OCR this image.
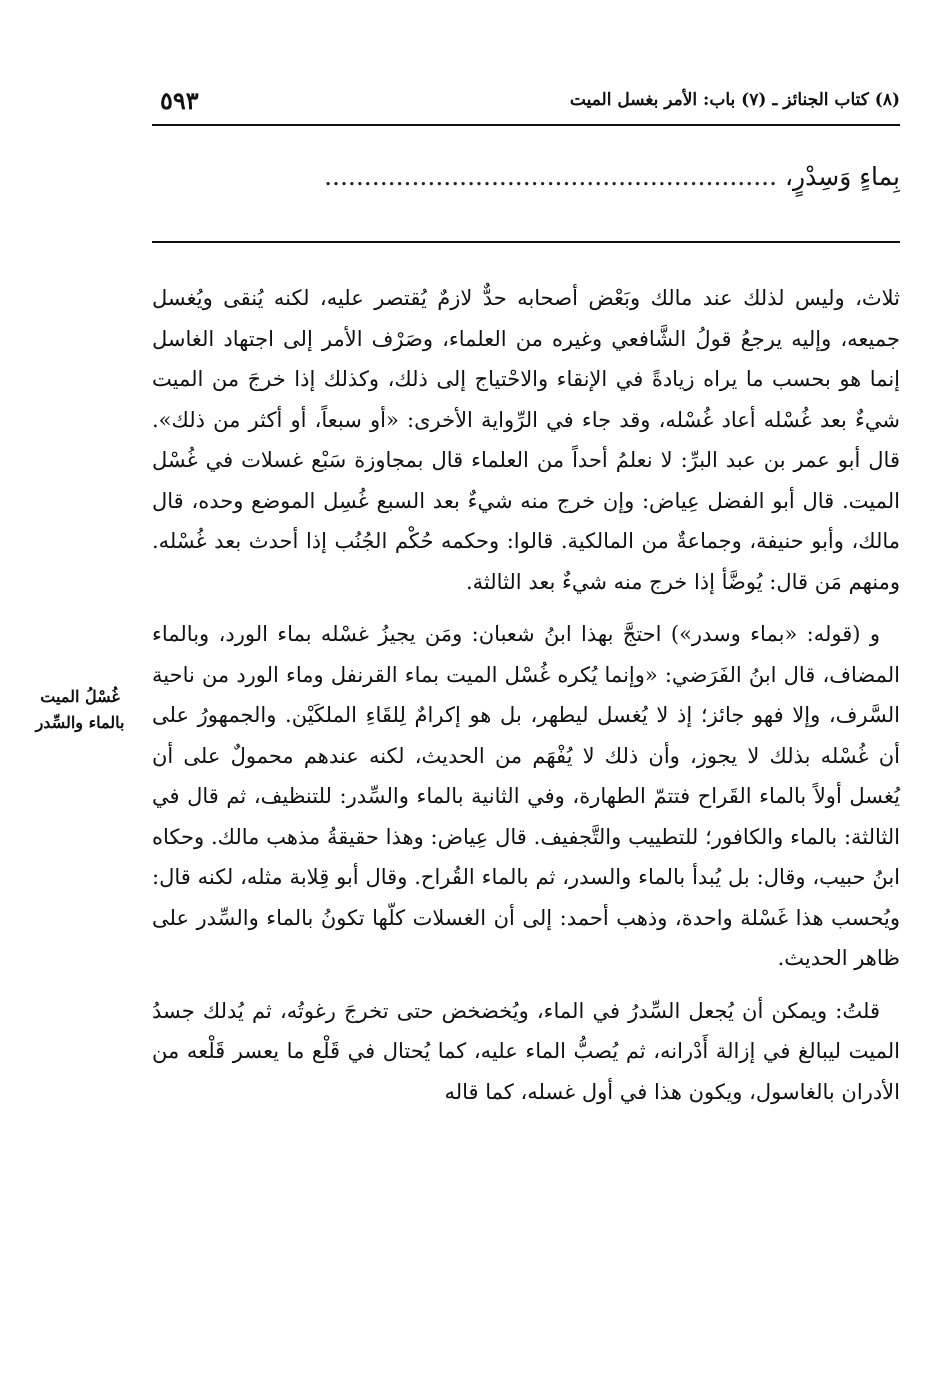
(٨) كتاب الجنائز ـ (٧) باب: الأمر بغسل الميت
٥٩٣
بِماءٍ وَسِدْرٍ، .........................................................

ثلاث، وليس لذلك عند مالك وبَعْض أصحابه حدٌّ لازمٌ يُقتصر عليه، لكنه يُنقى ويُغسل جميعه، وإليه يرجعُ قولُ الشَّافعي وغيره من العلماء، وصَرْف الأمر إلى اجتهاد الغاسل إنما هو بحسب ما يراه زيادةً في الإنقاء والاحْتياج إلى ذلك، وكذلك إذا خرجَ من الميت شيءٌ بعد غُسْله أعاد غُسْله، وقد جاء في الرِّواية الأخرى: «أو سبعاً، أو أكثر من ذلك». قال أبو عمر بن عبد البرِّ: لا نعلمُ أحداً من العلماء قال بمجاوزة سَبْع غسلات في غُسْل الميت. قال أبو الفضل عِياض: وإن خرج منه شيءٌ بعد السبع غُسِل الموضع وحده، قال مالك، وأبو حنيفة، وجماعةٌ من المالكية. قالوا: وحكمه حُكْم الجُنُب إذا أحدث بعد غُسْله. ومنهم مَن قال: يُوضَّأ إذا خرج منه شيءٌ بعد الثالثة.

و (قوله: «بماء وسدر») احتجَّ بهذا ابنُ شعبان: ومَن يجيزُ غسْله بماء الورد، وبالماء المضاف، قال ابنُ الفَرَضي: «وإنما يُكره غُسْل الميت بماء القرنفل وماء الورد من ناحية السَّرف، وإلا فهو جائز؛ إذ لا يُغسل ليطهر، بل هو إكرامٌ لِلقَاءِ الملكَيْن. والجمهورُ على أن غُسْله بذلك لا يجوز، وأن ذلك لا يُفْهَم من الحديث، لكنه عندهم محمولٌ على أن يُغسل أولاً بالماء القَراح فتتمّ الطهارة، وفي الثانية بالماء والسِّدر: للتنظيف، ثم قال في الثالثة: بالماء والكافور؛ للتطييب والتَّجفيف. قال عِياض: وهذا حقيقةُ مذهب مالك. وحكاه ابنُ حبيب، وقال: بل يُبدأ بالماء والسدر، ثم بالماء القُراح. وقال أبو قِلابة مثله، لكنه قال: ويُحسب هذا غَسْلة واحدة، وذهب أحمد: إلى أن الغسلات كلّها تكونُ بالماء والسِّدر على ظاهر الحديث.

قلتُ: ويمكن أن يُجعل السِّدرُ في الماء، ويُخضخض حتى تخرجَ رغوتُه، ثم يُدلك جسدُ الميت ليبالغ في إزالة أَدْرانه، ثم يُصبُّ الماء عليه، كما يُحتال في قَلْع ما يعسر قَلْعه من الأدران بالغاسول، ويكون هذا في أول غسله، كما قاله

غُسْلُ الميت
بالماء والسِّدر
